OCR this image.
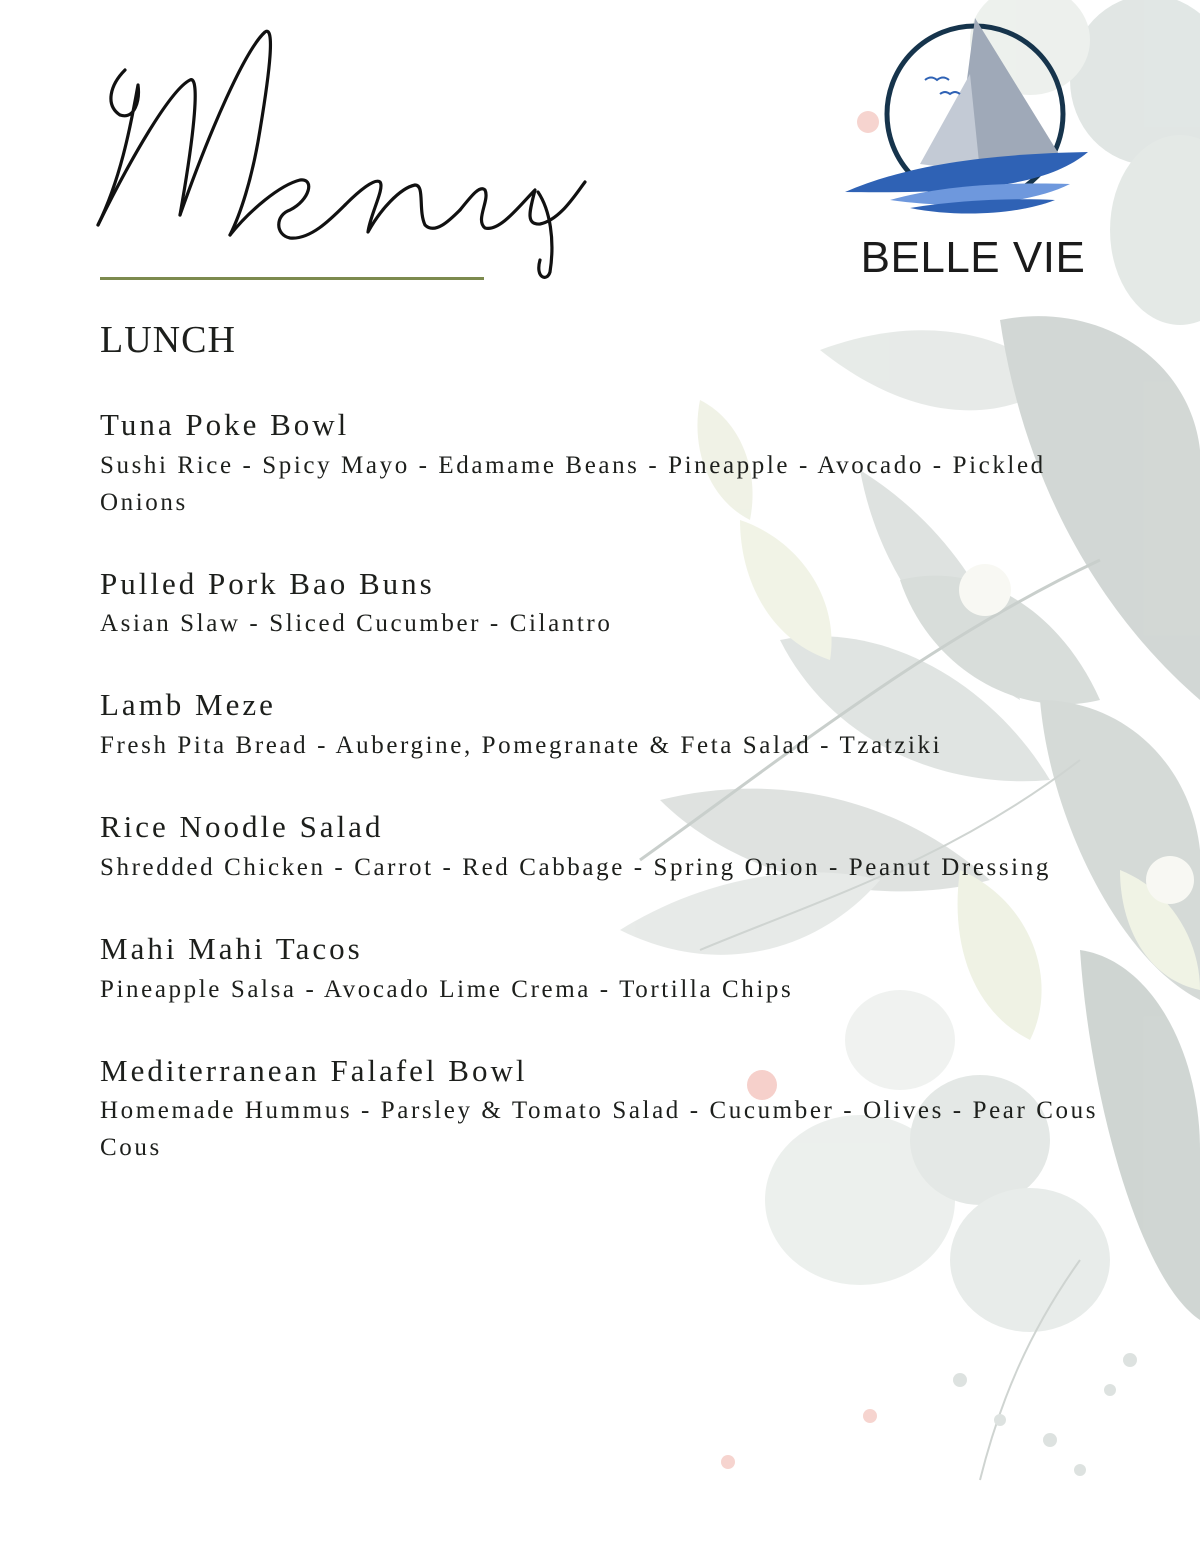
BELLE VIE
LUNCH
Tuna Poke Bowl

Sushi Rice - Spicy Mayo - Edamame Beans - Pineapple - Avocado - Pickled Onions

Pulled Pork Bao Buns

Asian Slaw - Sliced Cucumber - Cilantro

Lamb Meze

Fresh Pita Bread - Aubergine, Pomegranate & Feta Salad - Tzatziki

Rice Noodle Salad

Shredded Chicken - Carrot - Red Cabbage - Spring Onion - Peanut Dressing

Mahi Mahi Tacos

Pineapple Salsa - Avocado Lime Crema - Tortilla Chips

Mediterranean Falafel Bowl

Homemade Hummus - Parsley & Tomato Salad - Cucumber - Olives - Pear Cous Cous
